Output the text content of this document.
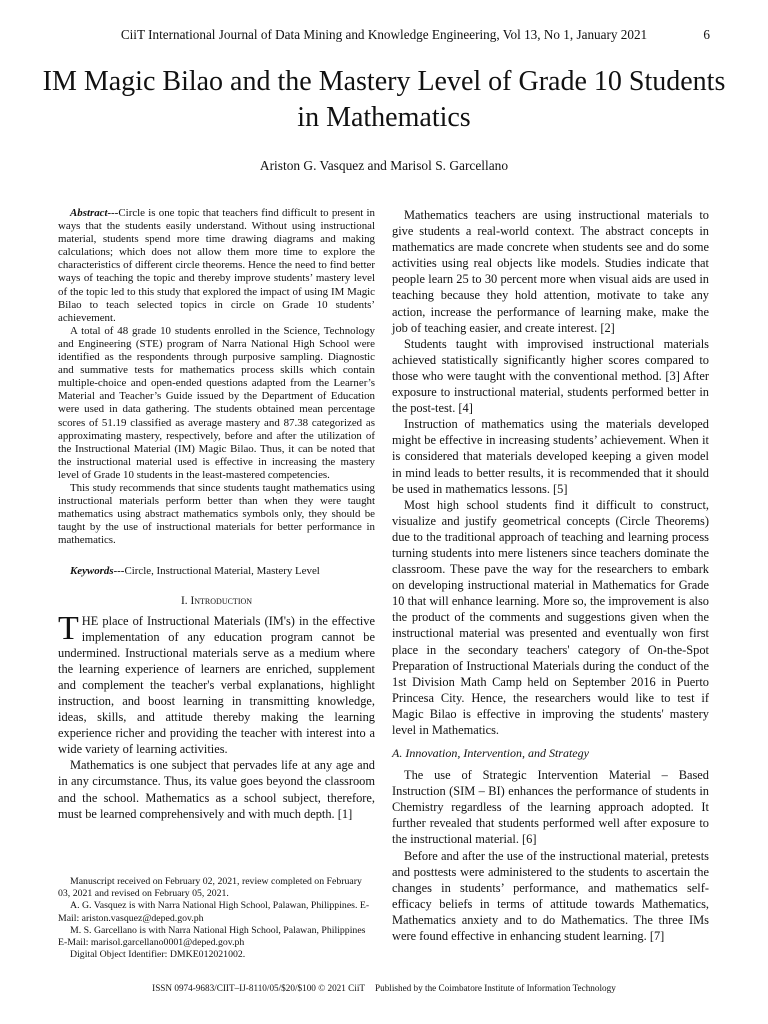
CiiT International Journal of Data Mining and Knowledge Engineering, Vol 13, No 1, January 2021	6
IM Magic Bilao and the Mastery Level of Grade 10 Students in Mathematics
Ariston G. Vasquez and Marisol S. Garcellano

Abstract---Circle is one topic that teachers find difficult to present in ways that the students easily understand. Without using instructional material, students spend more time drawing diagrams and making calculations; which does not allow them more time to explore the characteristics of different circle theorems. Hence the need to find better ways of teaching the topic and thereby improve students’ mastery level of the topic led to this study that explored the impact of using IM Magic Bilao to teach selected topics in circle on Grade 10 students’ achievement.

A total of 48 grade 10 students enrolled in the Science, Technology and Engineering (STE) program of Narra National High School were identified as the respondents through purposive sampling. Diagnostic and summative tests for mathematics process skills which contain multiple-choice and open-ended questions adapted from the Learner’s Material and Teacher’s Guide issued by the Department of Education were used in data gathering. The students obtained mean percentage scores of 51.19 classified as average mastery and 87.38 categorized as approximating mastery, respectively, before and after the utilization of the Instructional Material (IM) Magic Bilao. Thus, it can be noted that the instructional material used is effective in increasing the mastery level of Grade 10 students in the least-mastered competencies.

This study recommends that since students taught mathematics using instructional materials perform better than when they were taught mathematics using abstract mathematics symbols only, they should be taught by the use of instructional materials for better performance in mathematics.

Keywords---Circle, Instructional Material, Mastery Level

I. Introduction

THE place of Instructional Materials (IM's) in the effective implementation of any education program cannot be undermined. Instructional materials serve as a medium where the learning experience of learners are enriched, supplement and complement the teacher's verbal explanations, highlight instruction, and boost learning in transmitting knowledge, ideas, skills, and attitude thereby making the learning experience richer and providing the teacher with interest into a wide variety of learning activities.

Mathematics is one subject that pervades life at any age and in any circumstance. Thus, its value goes beyond the classroom and the school. Mathematics as a school subject, therefore, must be learned comprehensively and with much depth. [1]

Manuscript received on February 02, 2021, review completed on February 03, 2021 and revised on February 05, 2021.

A. G. Vasquez is with Narra National High School, Palawan, Philippines. E-Mail: ariston.vasquez@deped.gov.ph

M. S. Garcellano is with Narra National High School, Palawan, Philippines E-Mail: marisol.garcellano0001@deped.gov.ph

Digital Object Identifier: DMKE012021002.

Mathematics teachers are using instructional materials to give students a real-world context. The abstract concepts in mathematics are made concrete when students see and do some activities using real objects like models. Studies indicate that people learn 25 to 30 percent more when visual aids are used in teaching because they hold attention, motivate to take any action, increase the performance of learning make, make the job of teaching easier, and create interest. [2]

Students taught with improvised instructional materials achieved statistically significantly higher scores compared to those who were taught with the conventional method. [3] After exposure to instructional material, students performed better in the post-test. [4]

Instruction of mathematics using the materials developed might be effective in increasing students’ achievement. When it is considered that materials developed keeping a given model in mind leads to better results, it is recommended that it should be used in mathematics lessons. [5]

Most high school students find it difficult to construct, visualize and justify geometrical concepts (Circle Theorems) due to the traditional approach of teaching and learning process turning students into mere listeners since teachers dominate the classroom. These pave the way for the researchers to embark on developing instructional material in Mathematics for Grade 10 that will enhance learning. More so, the improvement is also the product of the comments and suggestions given when the instructional material was presented and eventually won first place in the secondary teachers' category of On-the-Spot Preparation of Instructional Materials during the conduct of the 1st Division Math Camp held on September 2016 in Puerto Princesa City. Hence, the researchers would like to test if Magic Bilao is effective in improving the students' mastery level in Mathematics.

A. Innovation, Intervention, and Strategy

The use of Strategic Intervention Material – Based Instruction (SIM – BI) enhances the performance of students in Chemistry regardless of the learning approach adopted. It further revealed that students performed well after exposure to the instructional material. [6]

Before and after the use of the instructional material, pretests and posttests were administered to the students to ascertain the changes in students’ performance, and mathematics self-efficacy beliefs in terms of attitude towards Mathematics, Mathematics anxiety and to do Mathematics. The three IMs were found effective in enhancing student learning. [7]

ISSN 0974-9683/CIIT–IJ-8110/05/$20/$100 © 2021 CiiT Published by the Coimbatore Institute of Information Technology
